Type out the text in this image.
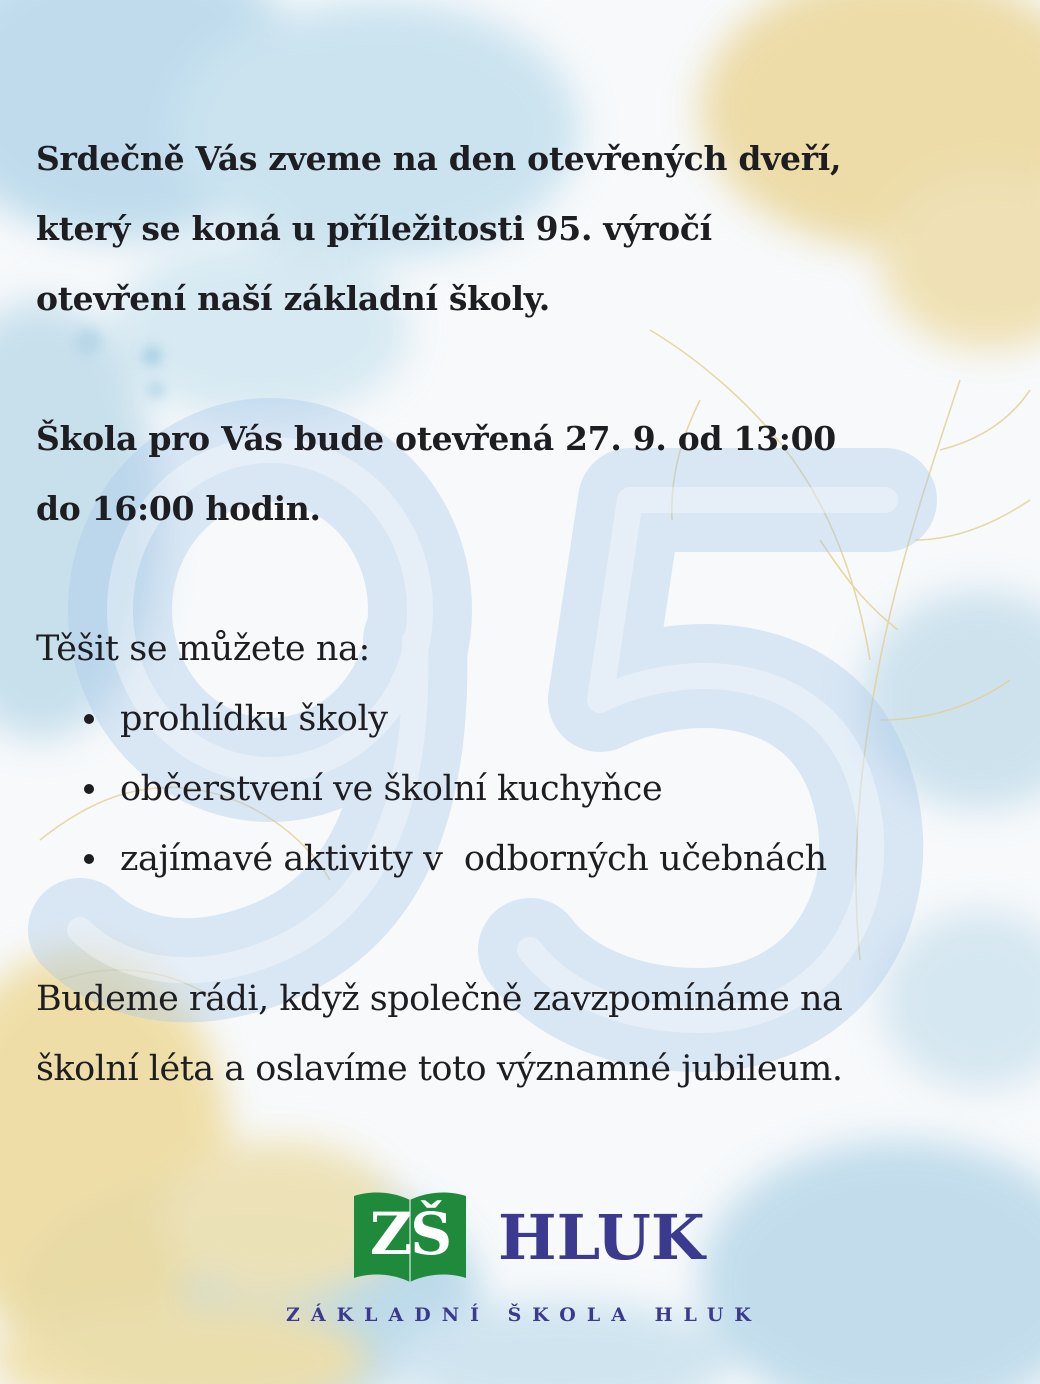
Srdečně Vás zveme na den otevřených dveří,
který se koná u příležitosti 95. výročí
otevření naší základní školy.

Škola pro Vás bude otevřená 27. 9. od 13:00
do 16:00 hodin.

Těšit se můžete na:

prohlídku školy
občerstvení ve školní kuchyňce
zajímavé aktivity v  odborných učebnách

Budeme rádi, když společně zavzpomínáme na
školní léta a oslavíme toto významné jubileum.

ZŠ HLUK
ZÁKLADNÍ ŠKOLA HLUK
